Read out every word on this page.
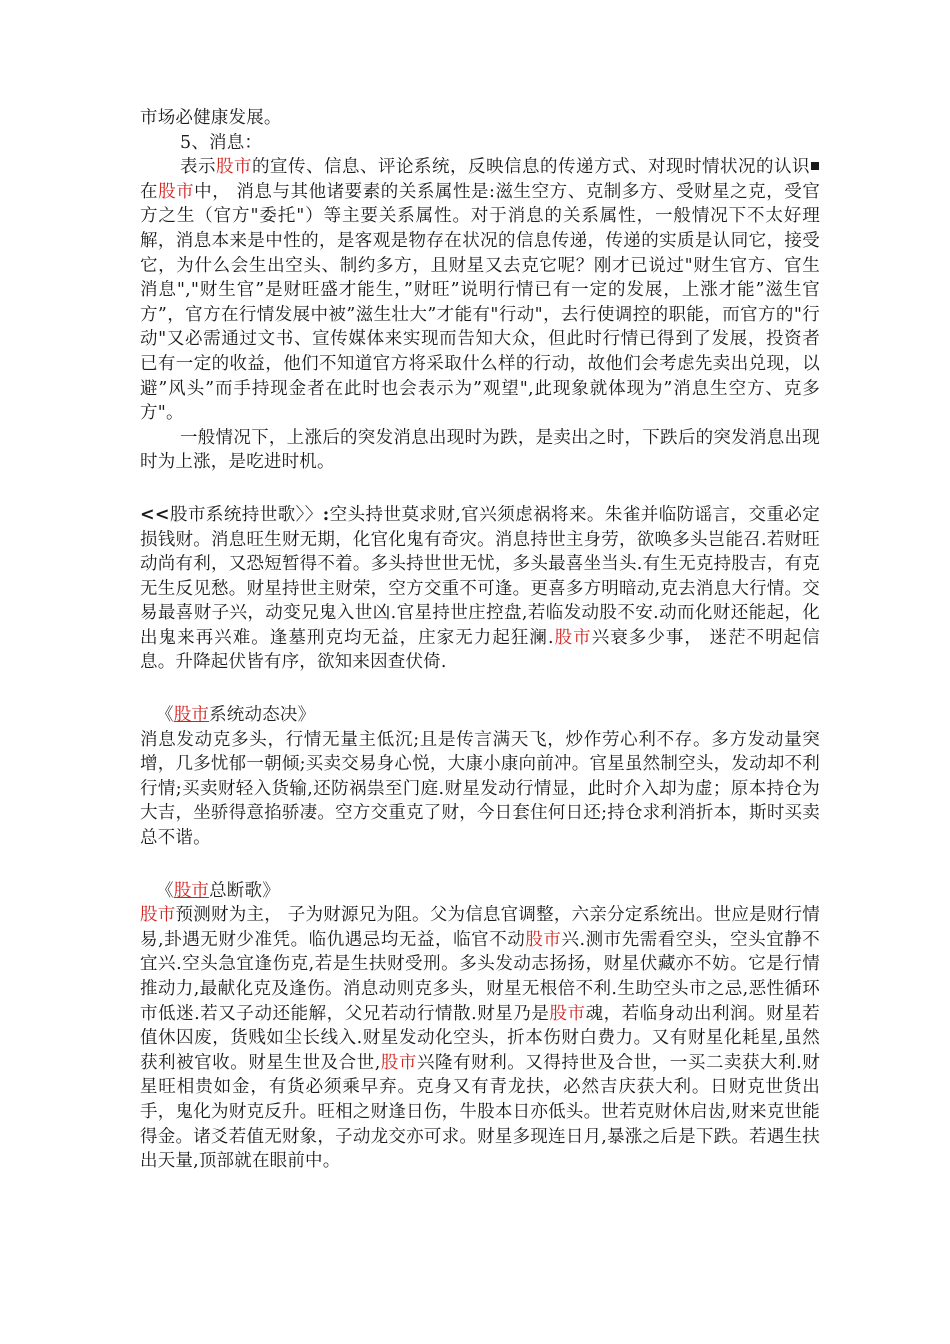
市场必健康发展。

5、消息：

表示股市的宣传、信息、评论系统，反映信息的传递方式、对现时情状况的认识在股市中， 消息与其他诸要素的关系属性是:滋生空方、克制多方、受财星之克，受官方之生（官方"委托"）等主要关系属性。对于消息的关系属性，一般情况下不太好理解，消息本来是中性的，是客观是物存在状况的信息传递，传递的实质是认同它，接受它，为什么会生出空头、制约多方，且财星又去克它呢？刚才已说过"财生官方、官生消息","财生官”是财旺盛才能生，”财旺”说明行情已有一定的发展，上涨才能”滋生官方”，官方在行情发展中被”滋生壮大”才能有"行动"，去行使调控的职能，而官方的"行动"又必需通过文书、宣传媒体来实现而告知大众，但此时行情已得到了发展，投资者已有一定的收益，他们不知道官方将采取什么样的行动，故他们会考虑先卖出兑现，以避”风头”而手持现金者在此时也会表示为”观望",此现象就体现为”消息生空方、克多方"。

一般情况下，上涨后的突发消息出现时为跌，是卖出之时，下跌后的突发消息出现时为上涨，是吃进时机。

<<股市系统持世歌〉〉:空头持世莫求财,官兴须虑祸将来。朱雀并临防谣言，交重必定损钱财。消息旺生财无期，化官化鬼有奇灾。消息持世主身劳，欲唤多头岂能召.若财旺动尚有利，又恐短暂得不着。多头持世世无忧，多头最喜坐当头.有生无克持股吉，有克无生反见愁。财星持世主财荣，空方交重不可逢。更喜多方明暗动,克去消息大行情。交易最喜财子兴，动变兄鬼入世凶.官星持世庄控盘,若临发动股不安.动而化财还能起，化出鬼来再兴难。逢墓刑克均无益，庄家无力起狂澜.股市兴衰多少事， 迷茫不明起信息。升降起伏皆有序，欲知来因查伏倚.

《股市系统动态决》

消息发动克多头，行情无量主低沉;且是传言满天飞，炒作劳心利不存。多方发动量突增，几多忧郁一朝倾;买卖交易身心悦，大康小康向前冲。官星虽然制空头，发动却不利行情;买卖财轻入货输,还防祸祟至门庭.财星发动行情显，此时介入却为虚；原本持仓为大吉，坐骄得意掐骄凄。空方交重克了财，今日套住何日还;持仓求利消折本，斯时买卖总不谐。

《股市总断歌》

股市预测财为主， 子为财源兄为阻。父为信息官调整，六亲分定系统出。世应是财行情易,卦遇无财少准凭。临仇遇忌均无益，临官不动股市兴.测市先需看空头，空头宜静不宜兴.空头急宜逢伤克,若是生扶财受刑。多头发动志扬扬，财星伏藏亦不妨。它是行情推动力,最献化克及逢伤。消息动则克多头，财星无根倍不利.生助空头市之忌,恶性循环市低迷.若又子动还能解，父兄若动行情散.财星乃是股市魂，若临身动出利润。财星若值休囚废，货贱如尘长线入.财星发动化空头，折本伤财白费力。又有财星化耗星,虽然获利被官收。财星生世及合世,股市兴隆有财利。又得持世及合世，一买二卖获大利.财星旺相贵如金，有货必须乘早弃。克身又有青龙扶，必然吉庆获大利。日财克世货出手，鬼化为财克反升。旺相之财逢日伤，牛股本日亦低头。世若克财休启齿,财来克世能得金。诸爻若值无财象，子动龙交亦可求。财星多现连日月,暴涨之后是下跌。若遇生扶出天量,顶部就在眼前中。
